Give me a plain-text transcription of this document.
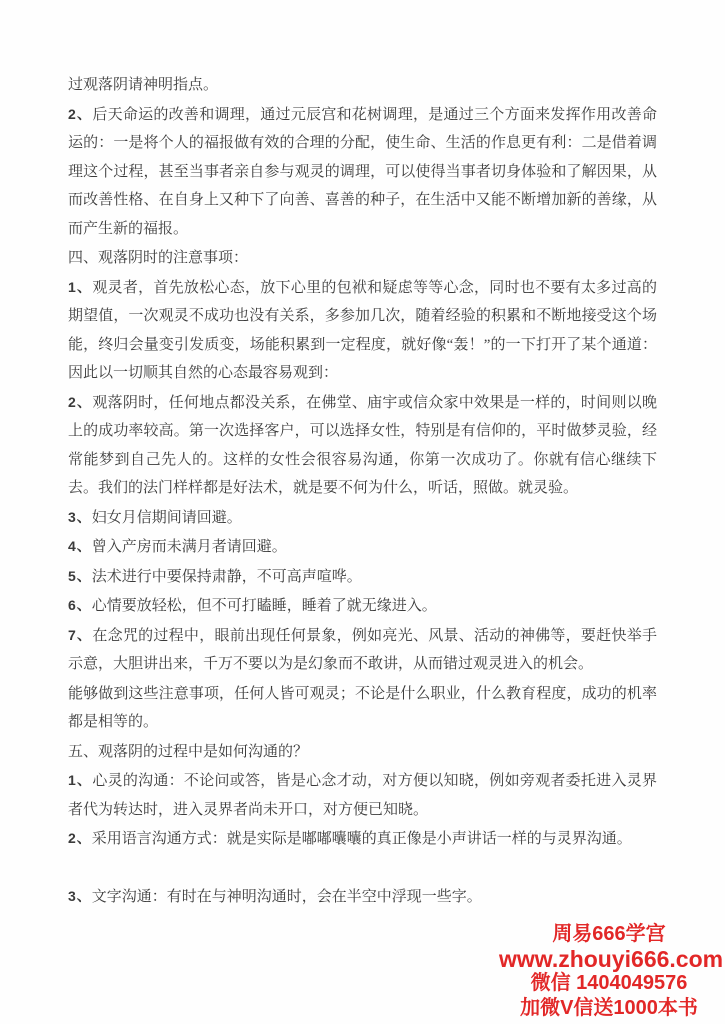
过观落阴请神明指点。

2、后天命运的改善和调理，通过元辰宫和花树调理，是通过三个方面来发挥作用改善命运的：一是将个人的福报做有效的合理的分配，使生命、生活的作息更有利：二是借着调理这个过程，甚至当事者亲自参与观灵的调理，可以使得当事者切身体验和了解因果，从而改善性格、在自身上又种下了向善、喜善的种子，在生活中又能不断增加新的善缘，从而产生新的福报。

四、观落阴时的注意事项：

1、观灵者，首先放松心态，放下心里的包袱和疑虑等等心念，同时也不要有太多过高的期望值，一次观灵不成功也没有关系，多参加几次，随着经验的积累和不断地接受这个场能，终归会量变引发质变，场能积累到一定程度，就好像“轰！”的一下打开了某个通道：因此以一切顺其自然的心态最容易观到：

2、观落阴时，任何地点都没关系，在佛堂、庙宇或信众家中效果是一样的，时间则以晚上的成功率较高。第一次选择客户，可以选择女性，特别是有信仰的，平时做梦灵验，经常能梦到自己先人的。这样的女性会很容易沟通，你第一次成功了。你就有信心继续下去。我们的法门样样都是好法术，就是要不何为什么，听话，照做。就灵验。

3、妇女月信期间请回避。

4、曾入产房而未满月者请回避。

5、法术进行中要保持肃静，不可高声喧哗。

6、心情要放轻松，但不可打瞌睡，睡着了就无缘进入。

7、在念咒的过程中，眼前出现任何景象，例如亮光、风景、活动的神佛等，要赶快举手示意，大胆讲出来，千万不要以为是幻象而不敢讲，从而错过观灵进入的机会。

能够做到这些注意事项，任何人皆可观灵；不论是什么职业，什么教育程度，成功的机率都是相等的。

五、观落阴的过程中是如何沟通的？

1、心灵的沟通：不论问或答，皆是心念才动，对方便以知晓，例如旁观者委托进入灵界者代为转达时，进入灵界者尚未开口，对方便已知晓。

2、采用语言沟通方式：就是实际是嘟嘟囔囔的真正像是小声讲话一样的与灵界沟通。

3、文字沟通：有时在与神明沟通时，会在半空中浮现一些字。

周易666学宫
www.zhouyi666.com
微信 1404049576
加微V信送1000本书
